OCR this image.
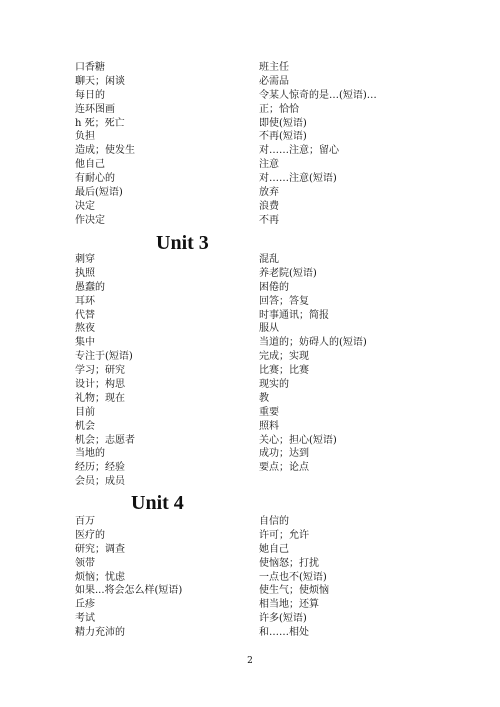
口香糖
聊天；闲谈
每日的
连环图画
h 死；死亡
负担
造成；使发生
他自己
有耐心的
最后(短语)
决定
作决定
班主任
必需品
令某人惊奇的是…(短语)…
正；恰恰
即使(短语)
不再(短语)
对……注意；留心
注意
对……注意(短语)
放弃
浪费
不再
Unit 3
刺穿
执照
愚蠢的
耳环
代替
熬夜
集中
专注于(短语)
学习；研究
设计；构思
礼物；现在
目前
机会
机会；志愿者
当地的
经历；经验
会员；成员
混乱
养老院(短语)
困倦的
回答；答复
时事通讯；简报
服从
当道的；妨碍人的(短语)
完成；实现
比赛；比赛
现实的
教
重要
照料
关心；担心(短语)
成功；达到
要点；论点
Unit 4
百万
医疗的
研究；调查
领带
烦恼；忧虑
如果...将会怎么样(短语)
丘疹
考试
精力充沛的
自信的
许可；允许
她自己
使恼怒；打扰
一点也不(短语)
使生气；使烦恼
相当地；还算
许多(短语)
和……相处
2
